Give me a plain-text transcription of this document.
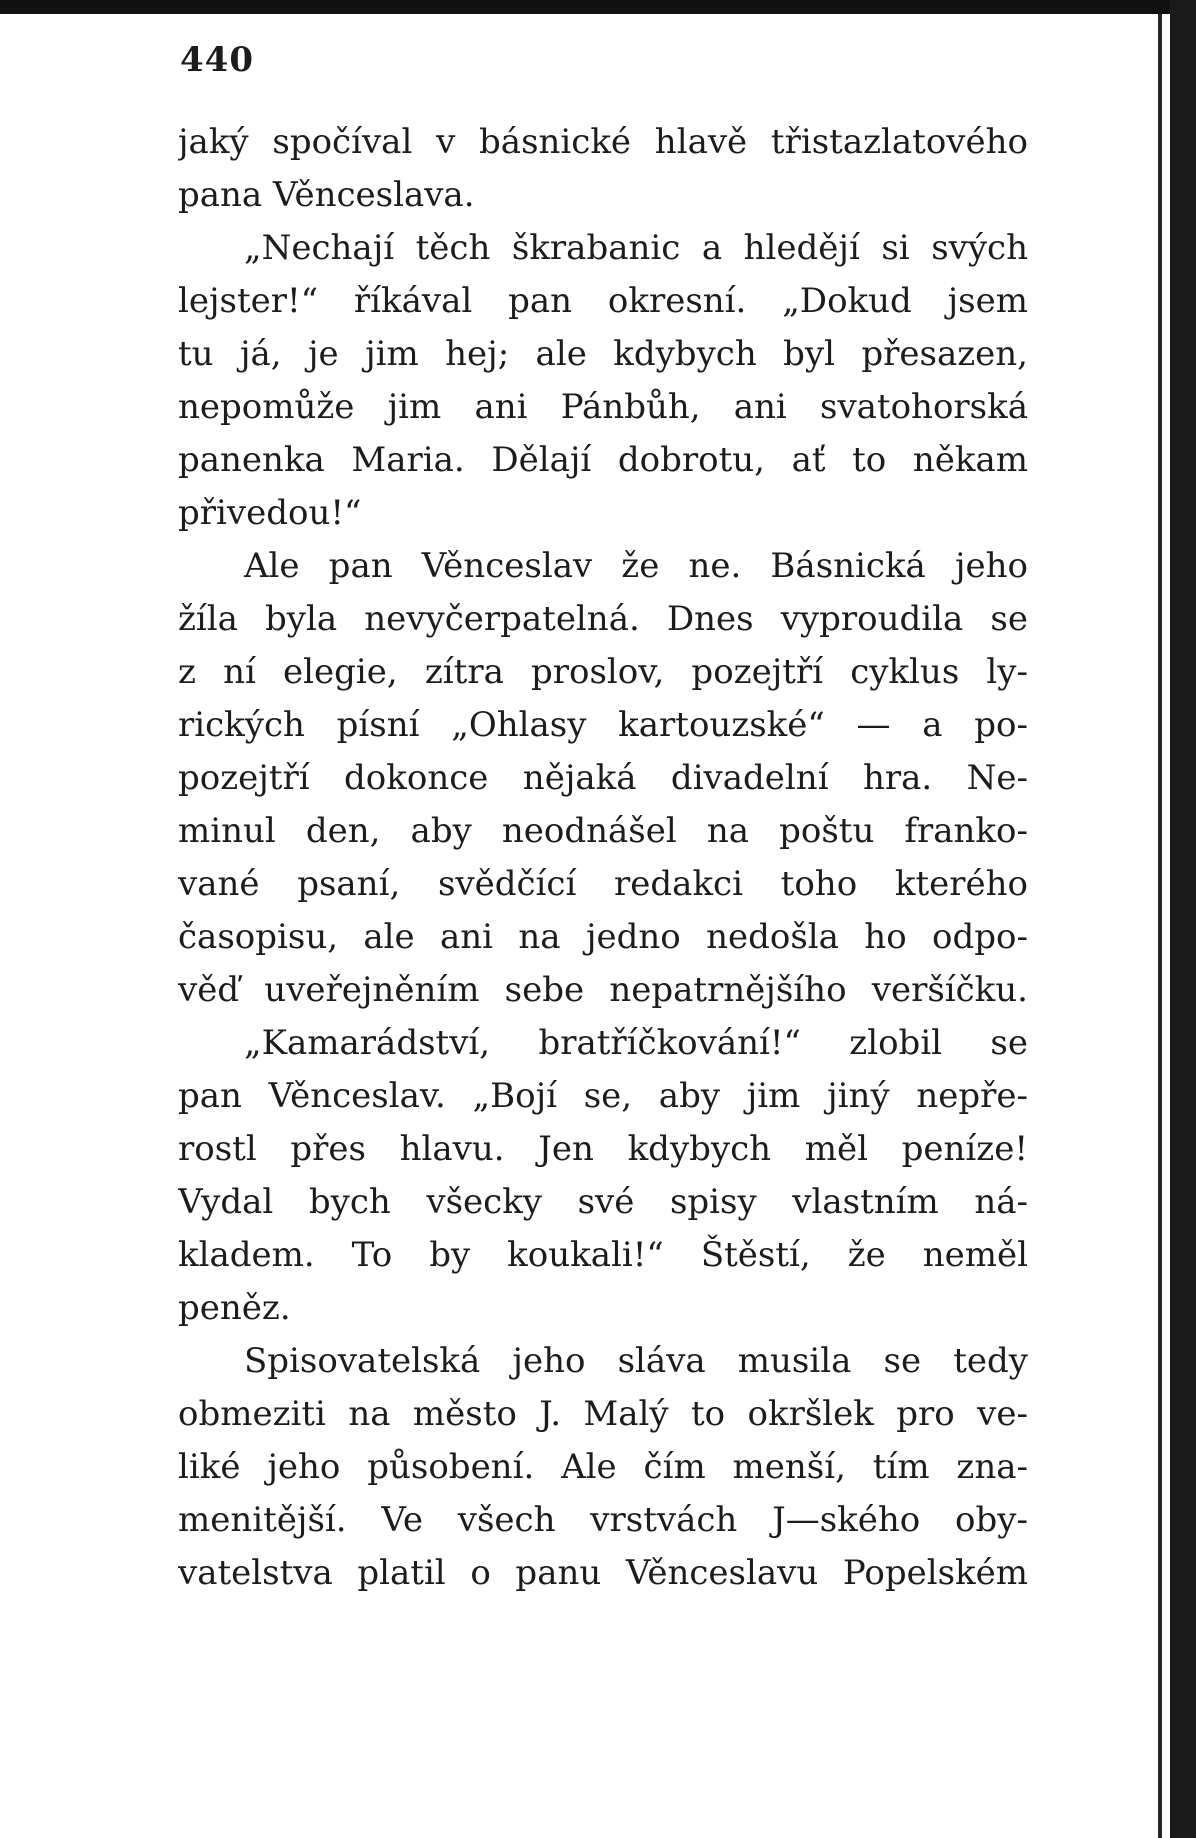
440
jaký spočíval v básnické hlavě třistazlatového
pana Věnceslava.
„Nechají těch škrabanic a hledějí si svých
lejster!“ říkával pan okresní. „Dokud jsem
tu já, je jim hej; ale kdybych byl přesazen,
nepomůže jim ani Pánbůh, ani svatohorská
panenka Maria. Dělají dobrotu, ať to někam
přivedou!“
Ale pan Věnceslav že ne. Básnická jeho
žíla byla nevyčerpatelná. Dnes vyproudila se
z ní elegie, zítra proslov, pozejtří cyklus ly-
rických písní „Ohlasy kartouzské“ — a po-
pozejtří dokonce nějaká divadelní hra. Ne-
minul den, aby neodnášel na poštu franko-
vané psaní, svědčící redakci toho kterého
časopisu, ale ani na jedno nedošla ho odpo-
věď uveřejněním sebe nepatrnějšího veršíčku.
„Kamarádství, bratříčkování!“ zlobil se
pan Věnceslav. „Bojí se, aby jim jiný nepře-
rostl přes hlavu. Jen kdybych měl peníze!
Vydal bych všecky své spisy vlastním ná-
kladem. To by koukali!“ Štěstí, že neměl
peněz.
Spisovatelská jeho sláva musila se tedy
obmeziti na město J. Malý to okršlek pro ve-
liké jeho působení. Ale čím menší, tím zna-
menitější. Ve všech vrstvách J—ského oby-
vatelstva platil o panu Věnceslavu Popelském
